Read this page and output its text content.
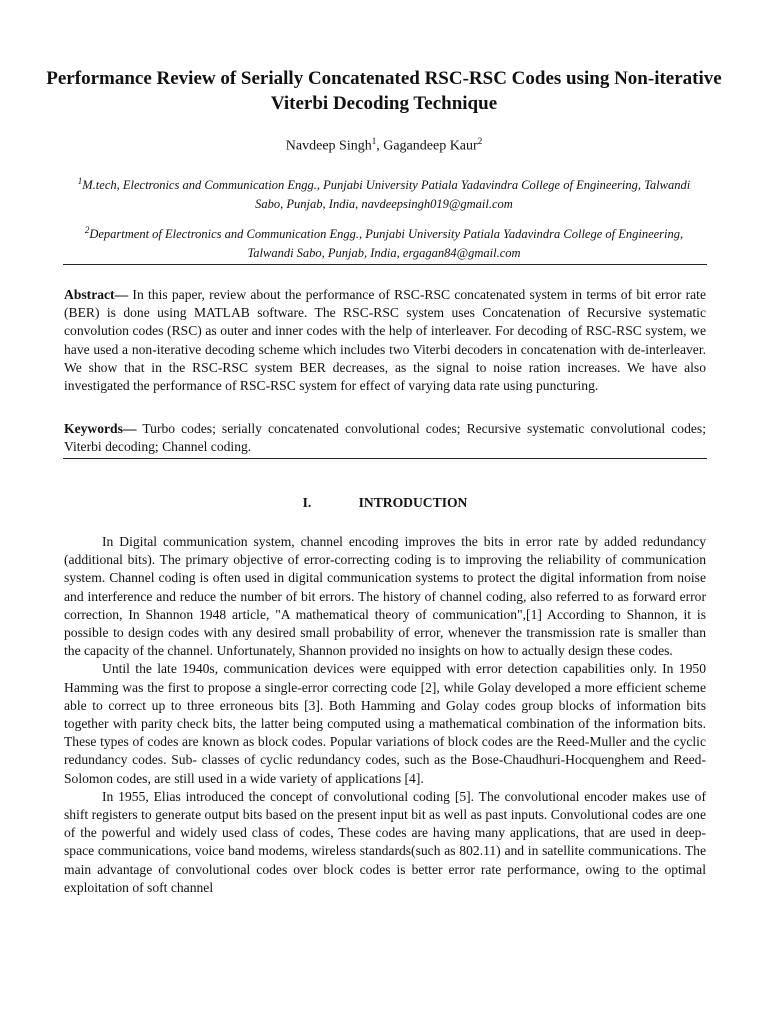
Performance Review of Serially Concatenated RSC-RSC Codes using Non-iterative Viterbi Decoding Technique
Navdeep Singh$^1$, Gagandeep Kaur$^2$
$^1$M.tech, Electronics and Communication Engg., Punjabi University Patiala Yadavindra College of Engineering, Talwandi Sabo, Punjab, India, navdeepsingh019@gmail.com
$^2$Department of Electronics and Communication Engg., Punjabi University Patiala Yadavindra College of Engineering, Talwandi Sabo, Punjab, India, ergagan84@gmail.com

Abstract— In this paper, review about the performance of RSC-RSC concatenated system in terms of bit error rate (BER) is done using MATLAB software. The RSC-RSC system uses Concatenation of Recursive systematic convolution codes (RSC) as outer and inner codes with the help of interleaver. For decoding of RSC-RSC system, we have used a non-iterative decoding scheme which includes two Viterbi decoders in concatenation with de-interleaver. We show that in the RSC-RSC system BER decreases, as the signal to noise ration increases. We have also investigated the performance of RSC-RSC system for effect of varying data rate using puncturing.

Keywords— Turbo codes; serially concatenated convolutional codes; Recursive systematic convolutional codes; Viterbi decoding; Channel coding.

I.	INTRODUCTION

In Digital communication system, channel encoding improves the bits in error rate by added redundancy (additional bits). The primary objective of error-correcting coding is to improving the reliability of communication system. Channel coding is often used in digital communication systems to protect the digital information from noise and interference and reduce the number of bit errors. The history of channel coding, also referred to as forward error correction, In Shannon 1948 article, "A mathematical theory of communication",[1] According to Shannon, it is possible to design codes with any desired small probability of error, whenever the transmission rate is smaller than the capacity of the channel. Unfortunately, Shannon provided no insights on how to actually design these codes.

Until the late 1940s, communication devices were equipped with error detection capabilities only. In 1950 Hamming was the first to propose a single-error correcting code [2], while Golay developed a more efficient scheme able to correct up to three erroneous bits [3]. Both Hamming and Golay codes group blocks of information bits together with parity check bits, the latter being computed using a mathematical combination of the information bits. These types of codes are known as block codes. Popular variations of block codes are the Reed-Muller and the cyclic redundancy codes. Sub- classes of cyclic redundancy codes, such as the Bose-Chaudhuri-Hocquenghem and Reed-Solomon codes, are still used in a wide variety of applications [4].

In 1955, Elias introduced the concept of convolutional coding [5]. The convolutional encoder makes use of shift registers to generate output bits based on the present input bit as well as past inputs. Convolutional codes are one of the powerful and widely used class of codes, These codes are having many applications, that are used in deep-space communications, voice band modems, wireless standards(such as 802.11) and in satellite communications. The main advantage of convolutional codes over block codes is better error rate performance, owing to the optimal exploitation of soft channel
